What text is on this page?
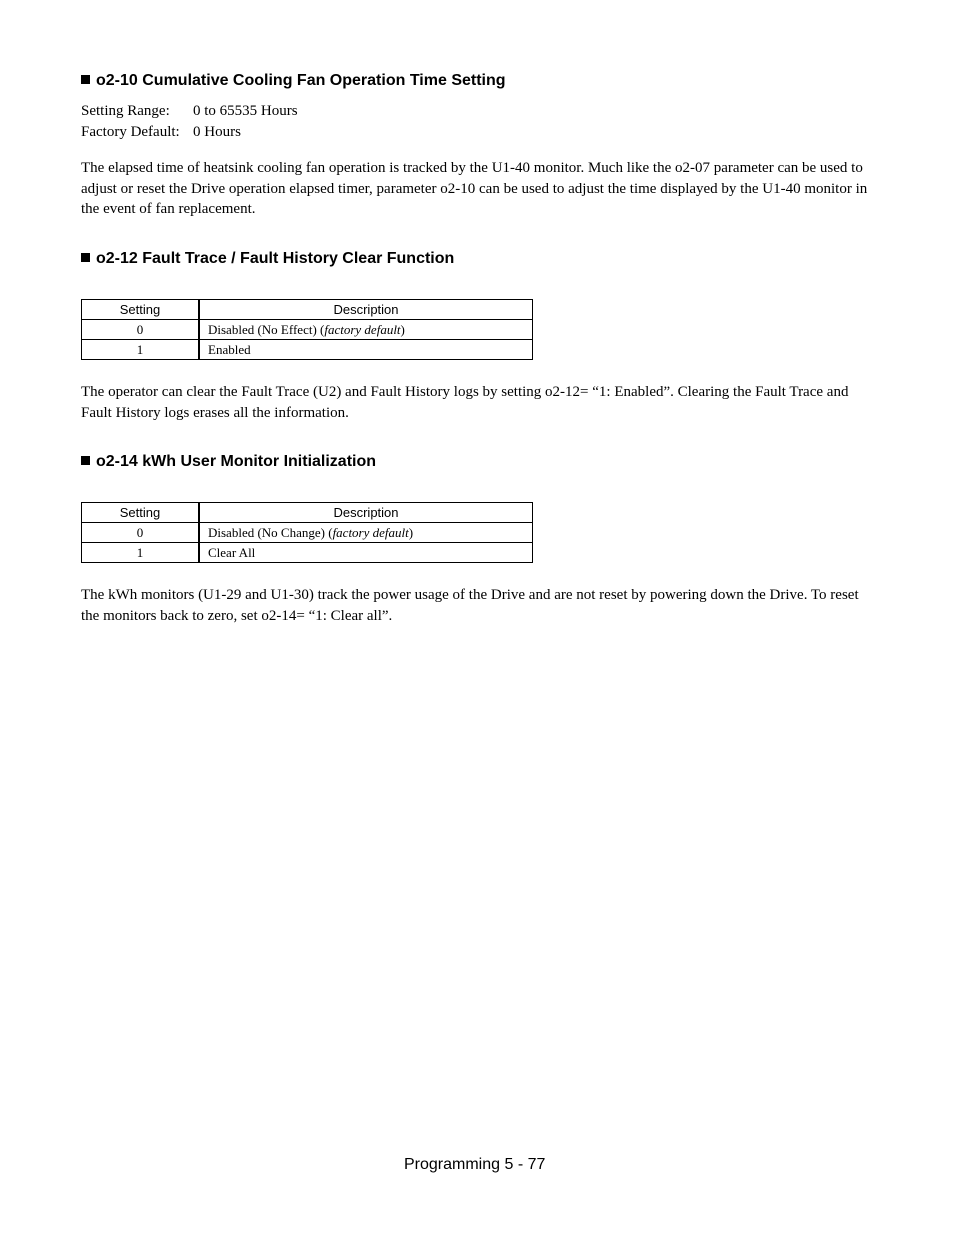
o2-10 Cumulative Cooling Fan Operation Time Setting
Setting Range: 0 to 65535 Hours
Factory Default: 0 Hours
The elapsed time of heatsink cooling fan operation is tracked by the U1-40 monitor. Much like the o2-07 parameter can be used to adjust or reset the Drive operation elapsed timer, parameter o2-10 can be used to adjust the time displayed by the U1-40 monitor in the event of fan replacement.
o2-12 Fault Trace / Fault History Clear Function
Setting	Description
0	Disabled (No Effect) (factory default)
1	Enabled
The operator can clear the Fault Trace (U2) and Fault History logs by setting o2-12= “1: Enabled”. Clearing the Fault Trace and Fault History logs erases all the information.
o2-14 kWh User Monitor Initialization
Setting	Description
0	Disabled (No Change) (factory default)
1	Clear All
The kWh monitors (U1-29 and U1-30) track the power usage of the Drive and are not reset by powering down the Drive. To reset the monitors back to zero, set o2-14= “1: Clear all”.
Programming 5 - 77
